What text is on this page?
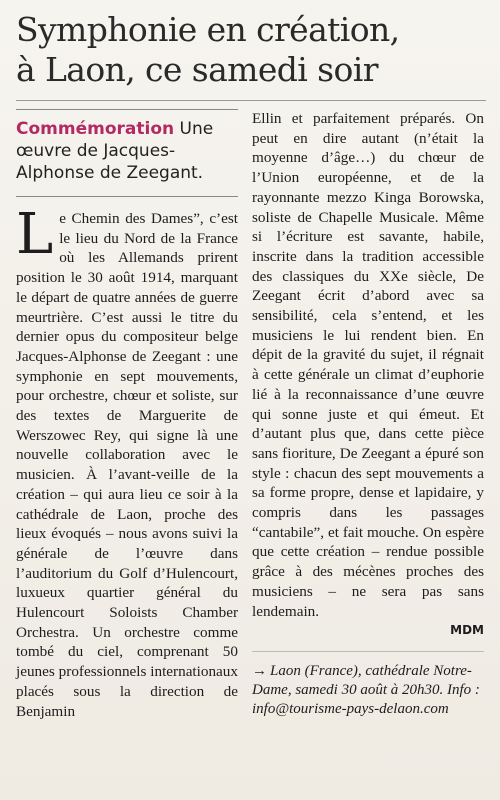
Symphonie en création,
à Laon, ce samedi soir
Commémoration Une œuvre de Jacques-Alphonse de Zeegant.

Le Chemin des Dames”, c’est le lieu du Nord de la France où les Allemands prirent position le 30 août 1914, marquant le départ de quatre années de guerre meurtrière. C’est aussi le titre du dernier opus du compositeur belge Jacques-Alphonse de Zeegant : une symphonie en sept mouvements, pour orchestre, chœur et soliste, sur des textes de Marguerite de Werszowec Rey, qui signe là une nouvelle collaboration avec le musicien. À l’avant-veille de la création – qui aura lieu ce soir à la cathédrale de Laon, proche des lieux évoqués – nous avons suivi la générale de l’œuvre dans l’auditorium du Golf d’Hulencourt, luxueux quartier général du Hulencourt Soloists Chamber Orchestra. Un orchestre comme tombé du ciel, comprenant 50 jeunes professionnels internationaux placés sous la direction de Benjamin

Ellin et parfaitement préparés. On peut en dire autant (n’était la moyenne d’âge…) du chœur de l’Union européenne, et de la rayonnante mezzo Kinga Borowska, soliste de Chapelle Musicale. Même si l’écriture est savante, habile, inscrite dans la tradition accessible des classiques du XXe siècle, De Zeegant écrit d’abord avec sa sensibilité, cela s’entend, et les musiciens le lui rendent bien. En dépit de la gravité du sujet, il régnait à cette générale un climat d’euphorie lié à la reconnaissance d’une œuvre qui sonne juste et qui émeut. Et d’autant plus que, dans cette pièce sans fioriture, De Zeegant a épuré son style : chacun des sept mouvements a sa forme propre, dense et lapidaire, y compris dans les passages “cantabile”, et fait mouche. On espère que cette création – rendue possible grâce à des mécènes proches des musiciens – ne sera pas sans lendemain.

MDM
→ Laon (France), cathédrale Notre-Dame, samedi 30 août à 20h30. Info : info@tourisme-pays-delaon.com
